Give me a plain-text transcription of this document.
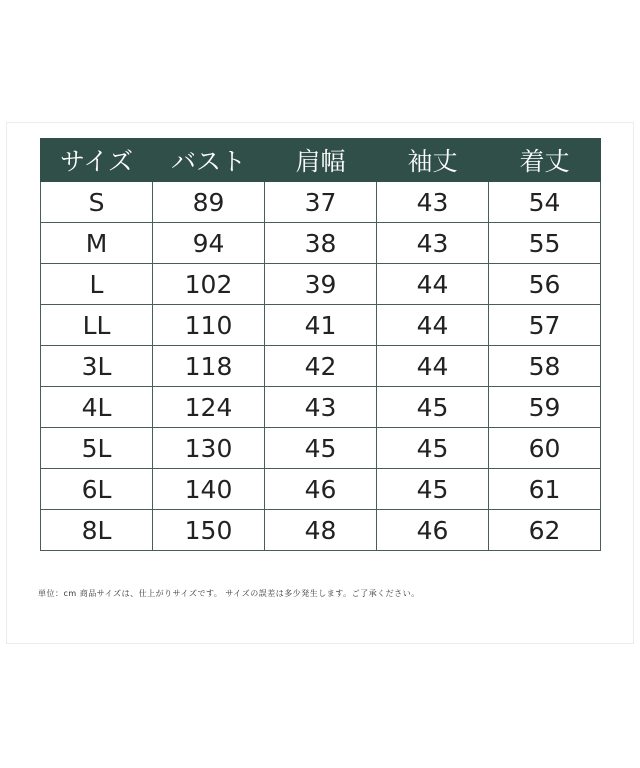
サイズ	バスト	肩幅	袖丈	着丈
S	89	37	43	54
M	94	38	43	55
L	102	39	44	56
LL	110	41	44	57
3L	118	42	44	58
4L	124	43	45	59
5L	130	45	45	60
6L	140	46	45	61
8L	150	48	46	62
単位：cm 商品サイズは、仕上がりサイズです。 サイズの誤差は多少発生します。ご了承ください。
